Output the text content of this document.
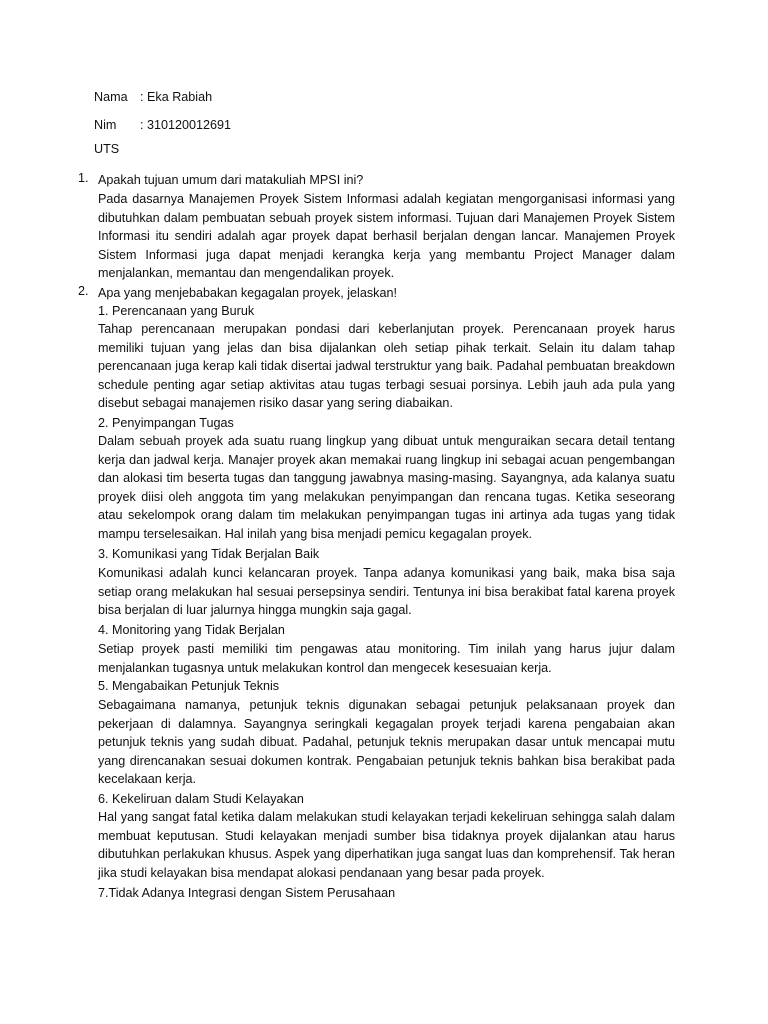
Nama : Eka Rabiah
Nim : 310120012691
UTS
1. Apakah tujuan umum dari matakuliah MPSI ini?
Pada dasarnya Manajemen Proyek Sistem Informasi adalah kegiatan mengorganisasi informasi yang dibutuhkan dalam pembuatan sebuah proyek sistem informasi. Tujuan dari Manajemen Proyek Sistem Informasi itu sendiri adalah agar proyek dapat berhasil berjalan dengan lancar. Manajemen Proyek Sistem Informasi juga dapat menjadi kerangka kerja yang membantu Project Manager dalam menjalankan, memantau dan mengendalikan proyek.
2. Apa yang menjebabakan kegagalan proyek, jelaskan!
1. Perencanaan yang Buruk
Tahap perencanaan merupakan pondasi dari keberlanjutan proyek. Perencanaan proyek harus memiliki tujuan yang jelas dan bisa dijalankan oleh setiap pihak terkait. Selain itu dalam tahap perencanaan juga kerap kali tidak disertai jadwal terstruktur yang baik. Padahal pembuatan breakdown schedule penting agar setiap aktivitas atau tugas terbagi sesuai porsinya. Lebih jauh ada pula yang disebut sebagai manajemen risiko dasar yang sering diabaikan.
2. Penyimpangan Tugas
Dalam sebuah proyek ada suatu ruang lingkup yang dibuat untuk menguraikan secara detail tentang kerja dan jadwal kerja. Manajer proyek akan memakai ruang lingkup ini sebagai acuan pengembangan dan alokasi tim beserta tugas dan tanggung jawabnya masing-masing. Sayangnya, ada kalanya suatu proyek diisi oleh anggota tim yang melakukan penyimpangan dan rencana tugas. Ketika seseorang atau sekelompok orang dalam tim melakukan penyimpangan tugas ini artinya ada tugas yang tidak mampu terselesaikan. Hal inilah yang bisa menjadi pemicu kegagalan proyek.
3. Komunikasi yang Tidak Berjalan Baik
Komunikasi adalah kunci kelancaran proyek. Tanpa adanya komunikasi yang baik, maka bisa saja setiap orang melakukan hal sesuai persepsinya sendiri. Tentunya ini bisa berakibat fatal karena proyek bisa berjalan di luar jalurnya hingga mungkin saja gagal.
4. Monitoring yang Tidak Berjalan
Setiap proyek pasti memiliki tim pengawas atau monitoring. Tim inilah yang harus jujur dalam menjalankan tugasnya untuk melakukan kontrol dan mengecek kesesuaian kerja.
5. Mengabaikan Petunjuk Teknis
Sebagaimana namanya, petunjuk teknis digunakan sebagai petunjuk pelaksanaan proyek dan pekerjaan di dalamnya. Sayangnya seringkali kegagalan proyek terjadi karena pengabaian akan petunjuk teknis yang sudah dibuat. Padahal, petunjuk teknis merupakan dasar untuk mencapai mutu yang direncanakan sesuai dokumen kontrak. Pengabaian petunjuk teknis bahkan bisa berakibat pada kecelakaan kerja.
6. Kekeliruan dalam Studi Kelayakan
Hal yang sangat fatal ketika dalam melakukan studi kelayakan terjadi kekeliruan sehingga salah dalam membuat keputusan. Studi kelayakan menjadi sumber bisa tidaknya proyek dijalankan atau harus dibutuhkan perlakukan khusus. Aspek yang diperhatikan juga sangat luas dan komprehensif. Tak heran jika studi kelayakan bisa mendapat alokasi pendanaan yang besar pada proyek.
7.Tidak Adanya Integrasi dengan Sistem Perusahaan
